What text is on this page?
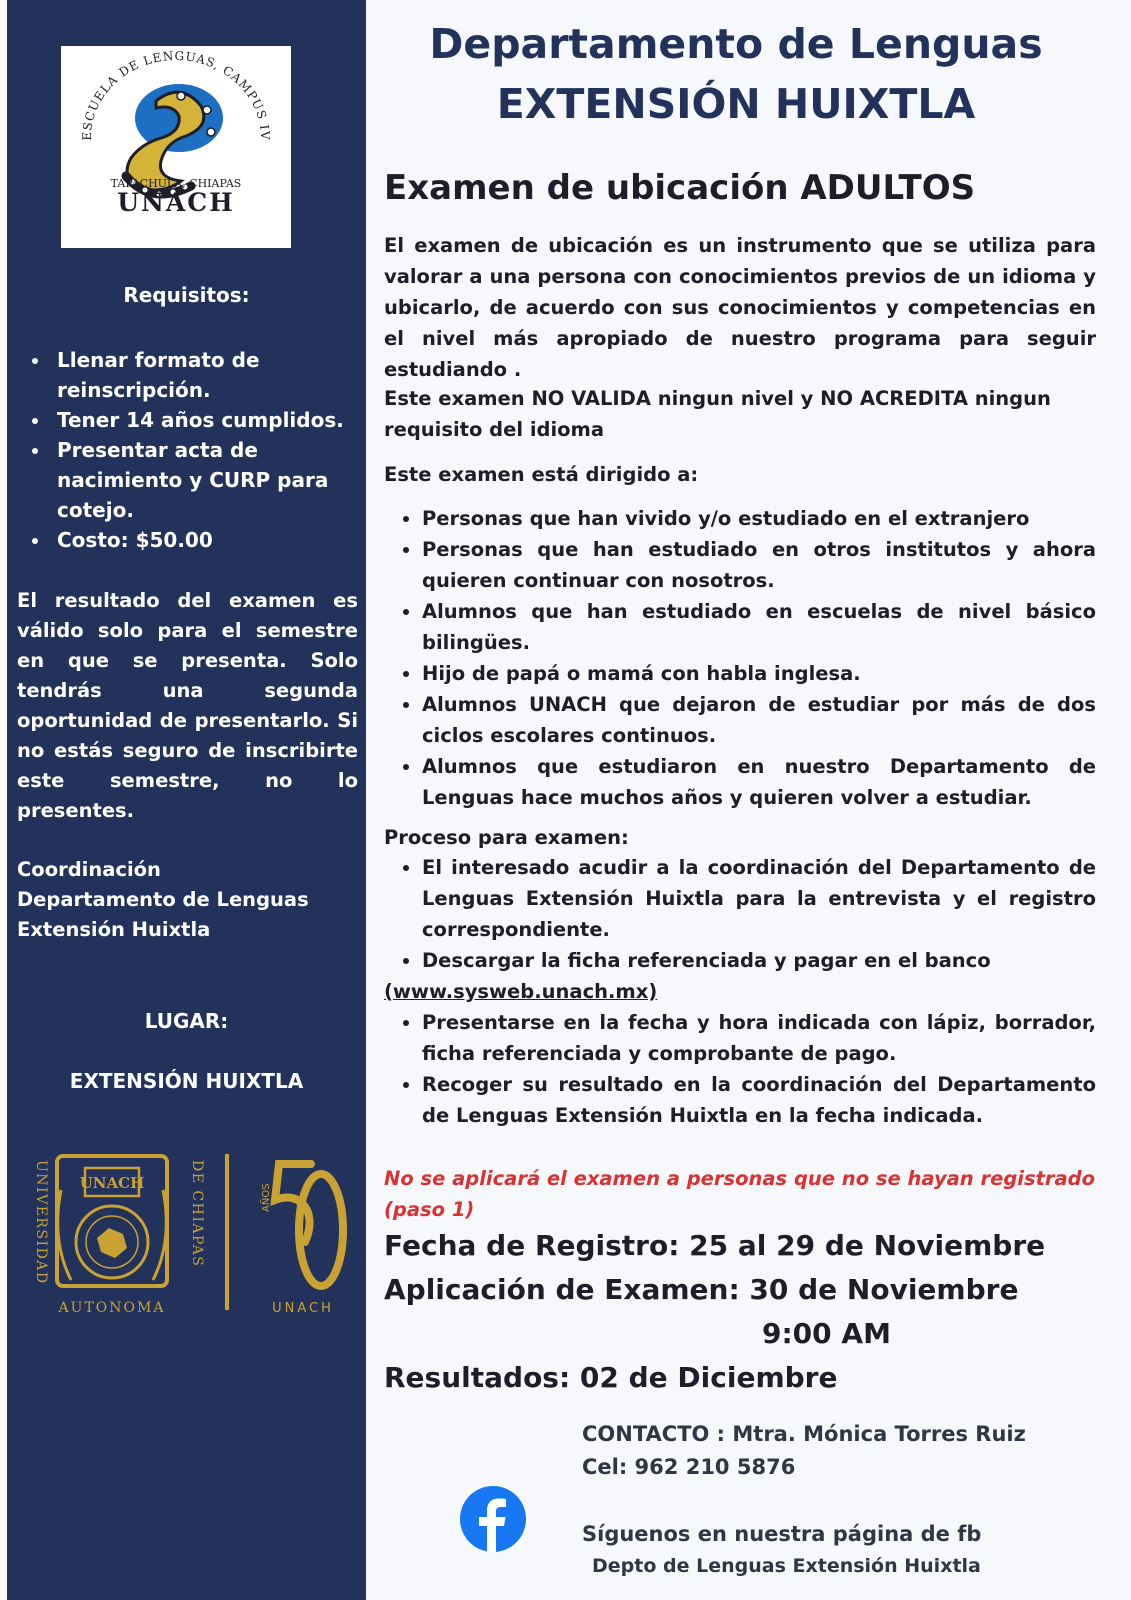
ESCUELA DE LENGUAS, CAMPUS IV
TAPACHULA, CHIAPAS
UNACH
Requisitos:
• Llenar formato de reinscripción.
• Tener 14 años cumplidos.
• Presentar acta de nacimiento y CURP para cotejo.
• Costo: $50.00

El resultado del examen es válido solo para el semestre en que se presenta. Solo tendrás una segunda oportunidad de presentarlo. Si no estás seguro de inscribirte este semestre, no lo presentes.

Coordinación
Departamento de Lenguas
Extensión Huixtla
LUGAR:
EXTENSIÓN HUIXTLA
UNIVERSIDAD UNACH	DE CHIAPAS
AUTONOMA
AÑOS
UNACH
Departamento de Lenguas
EXTENSIÓN HUIXTLA
Examen de ubicación ADULTOS

El examen de ubicación es un instrumento que se utiliza para valorar a una persona con conocimientos previos de un idioma y ubicarlo, de acuerdo con sus conocimientos y competencias en el nivel más apropiado de nuestro programa para seguir estudiando .

Este examen NO VALIDA ningun nivel y NO ACREDITA ningun requisito del idioma

Este examen está dirigido a:

• Personas que han vivido y/o estudiado en el extranjero
• Personas que han estudiado en otros institutos y ahora quieren continuar con nosotros.
• Alumnos que han estudiado en escuelas de nivel básico bilingües.
• Hijo de papá o mamá con habla inglesa.
• Alumnos UNACH que dejaron de estudiar por más de dos ciclos escolares continuos.
• Alumnos que estudiaron en nuestro Departamento de Lenguas hace muchos años y quieren volver a estudiar.

Proceso para examen:

• El interesado acudir a la coordinación del Departamento de Lenguas Extensión Huixtla para la entrevista y el registro correspondiente.
• Descargar la ficha referenciada y pagar en el banco
(www.sysweb.unach.mx)
• Presentarse en la fecha y hora indicada con lápiz, borrador, ficha referenciada y comprobante de pago.
• Recoger su resultado en la coordinación del Departamento de Lenguas Extensión Huixtla en la fecha indicada.
No se aplicará el examen a personas que no se hayan registrado (paso 1)
Fecha de Registro: 25 al 29 de Noviembre
Aplicación de Examen: 30 de Noviembre
9:00 AM
Resultados: 02 de Diciembre
CONTACTO : Mtra. Mónica Torres Ruiz
Cel: 962 210 5876
Síguenos en nuestra página de fb
Depto de Lenguas Extensión Huixtla
